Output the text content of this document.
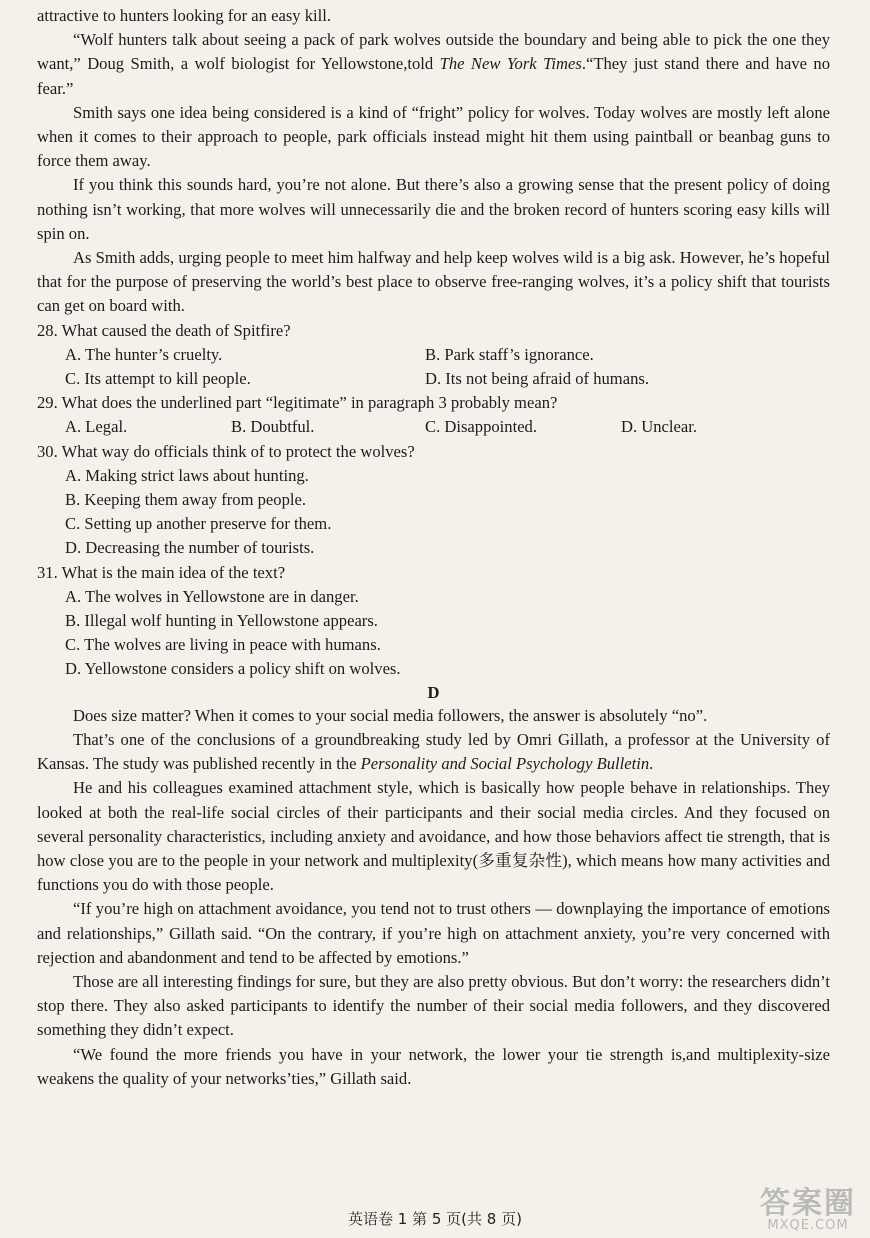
attractive to hunters looking for an easy kill.

“Wolf hunters talk about seeing a pack of park wolves outside the boundary and being able to pick the one they want,” Doug Smith, a wolf biologist for Yellowstone,told The New York Times.“They just stand there and have no fear.”

Smith says one idea being considered is a kind of “fright” policy for wolves. Today wolves are mostly left alone when it comes to their approach to people, park officials instead might hit them using paintball or beanbag guns to force them away.

If you think this sounds hard, you’re not alone. But there’s also a growing sense that the present policy of doing nothing isn’t working, that more wolves will unnecessarily die and the broken record of hunters scoring easy kills will spin on.

As Smith adds, urging people to meet him halfway and help keep wolves wild is a big ask. However, he’s hopeful that for the purpose of preserving the world’s best place to observe free-ranging wolves, it’s a policy shift that tourists can get on board with.

28. What caused the death of Spitfire?
A. The hunter’s cruelty.	B. Park staff’s ignorance.
C. Its attempt to kill people.	D. Its not being afraid of humans.
29. What does the underlined part “legitimate” in paragraph 3 probably mean?
A. Legal.	B. Doubtful.	C. Disappointed.	D. Unclear.
30. What way do officials think of to protect the wolves?
A. Making strict laws about hunting.
B. Keeping them away from people.
C. Setting up another preserve for them.
D. Decreasing the number of tourists.
31. What is the main idea of the text?
A. The wolves in Yellowstone are in danger.
B. Illegal wolf hunting in Yellowstone appears.
C. The wolves are living in peace with humans.
D. Yellowstone considers a policy shift on wolves.
D

Does size matter? When it comes to your social media followers, the answer is absolutely “no”.

That’s one of the conclusions of a groundbreaking study led by Omri Gillath, a professor at the University of Kansas. The study was published recently in the Personality and Social Psychology Bulletin.

He and his colleagues examined attachment style, which is basically how people behave in relationships. They looked at both the real-life social circles of their participants and their social media circles. And they focused on several personality characteristics, including anxiety and avoidance, and how those behaviors affect tie strength, that is how close you are to the people in your network and multiplexity(多重复杂性), which means how many activities and functions you do with those people.

“If you’re high on attachment avoidance, you tend not to trust others — downplaying the importance of emotions and relationships,” Gillath said. “On the contrary, if you’re high on attachment anxiety, you’re very concerned with rejection and abandonment and tend to be affected by emotions.”

Those are all interesting findings for sure, but they are also pretty obvious. But don’t worry: the researchers didn’t stop there. They also asked participants to identify the number of their social media followers, and they discovered something they didn’t expect.

“We found the more friends you have in your network, the lower your tie strength is,and multiplexity-size weakens the quality of your networks’ties,” Gillath said.

英语卷 1 第 5 页(共 8 页)	答案圈
MXQE.COM
